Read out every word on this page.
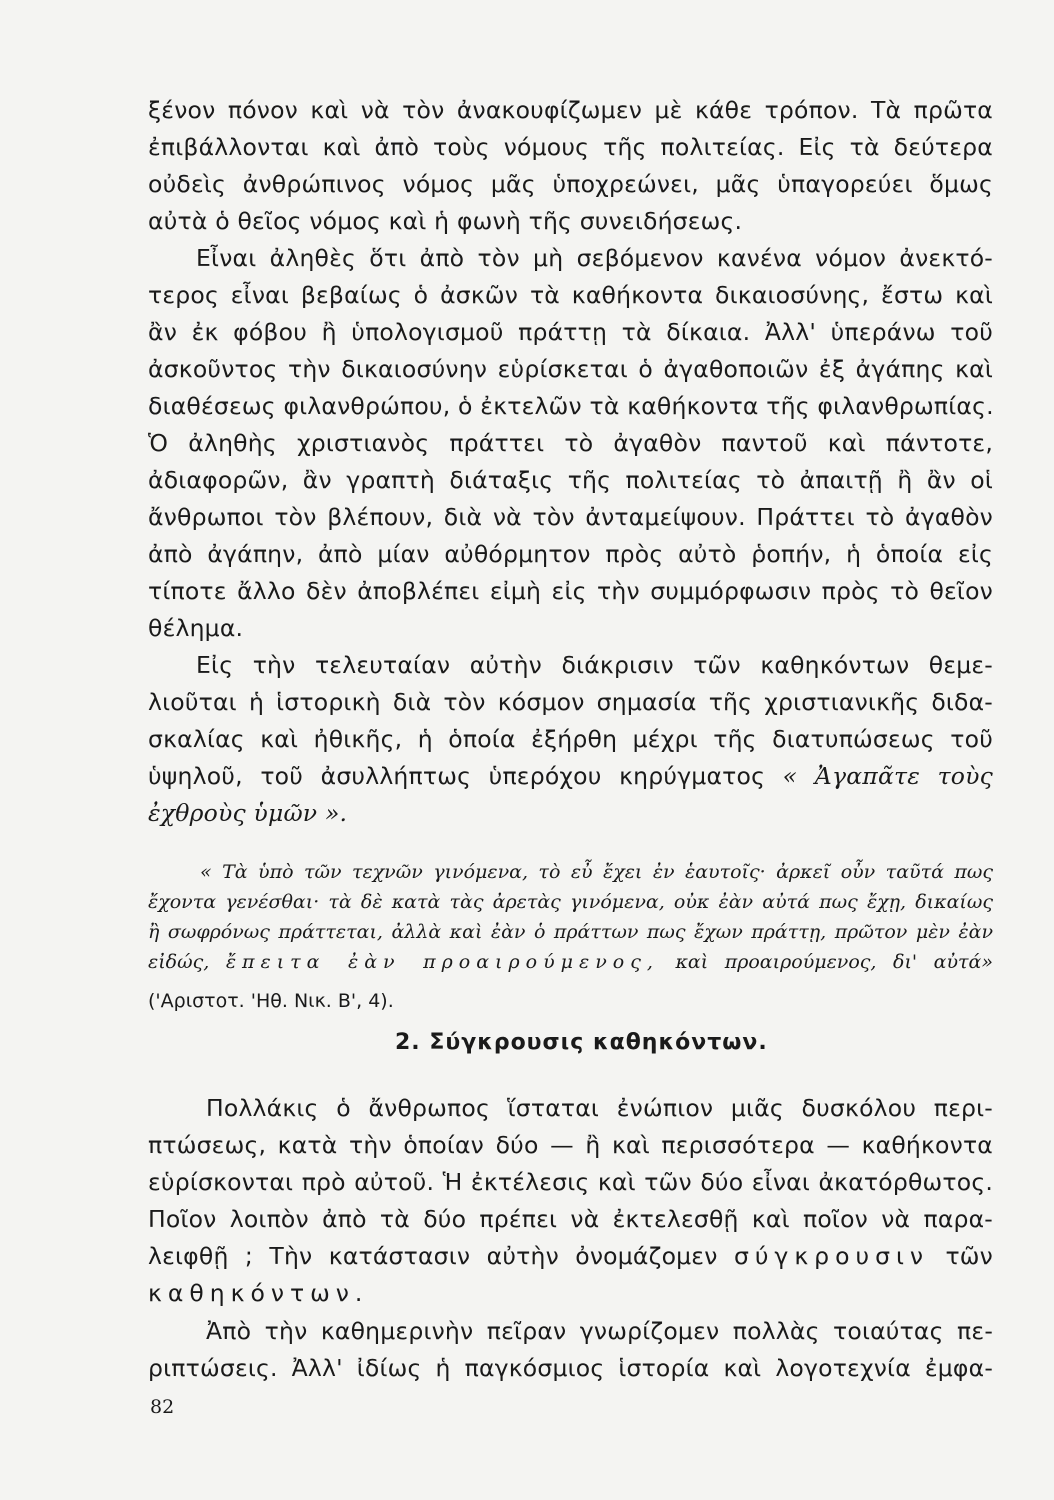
ξένον πόνον καὶ νὰ τὸν ἀνακουφίζωμεν μὲ κάθε τρόπον. Τὰ πρῶτα
ἐπιβάλλονται καὶ ἀπὸ τοὺς νόμους τῆς πολιτείας. Εἰς τὰ δεύτερα
οὐδεὶς ἀνθρώπινος νόμος μᾶς ὑποχρεώνει, μᾶς ὑπαγορεύει ὅμως
αὐτὰ ὁ θεῖος νόμος καὶ ἡ φωνὴ τῆς συνειδήσεως.
Εἶναι ἀληθὲς ὅτι ἀπὸ τὸν μὴ σεβόμενον κανένα νόμον ἀνεκτό-
τερος εἶναι βεβαίως ὁ ἀσκῶν τὰ καθήκοντα δικαιοσύνης, ἔστω καὶ
ἂν ἐκ φόβου ἢ ὑπολογισμοῦ πράττῃ τὰ δίκαια. Ἀλλ' ὑπεράνω τοῦ
ἀσκοῦντος τὴν δικαιοσύνην εὑρίσκεται ὁ ἀγαθοποιῶν ἐξ ἀγάπης καὶ
διαθέσεως φιλανθρώπου, ὁ ἐκτελῶν τὰ καθήκοντα τῆς φιλανθρωπίας.
Ὁ ἀληθὴς χριστιανὸς πράττει τὸ ἀγαθὸν παντοῦ καὶ πάντοτε,
ἀδιαφορῶν, ἂν γραπτὴ διάταξις τῆς πολιτείας τὸ ἀπαιτῇ ἢ ἂν οἱ
ἄνθρωποι τὸν βλέπουν, διὰ νὰ τὸν ἀνταμείψουν. Πράττει τὸ ἀγαθὸν
ἀπὸ ἀγάπην, ἀπὸ μίαν αὐθόρμητον πρὸς αὐτὸ ῥοπήν, ἡ ὁποία εἰς
τίποτε ἄλλο δὲν ἀποβλέπει εἰμὴ εἰς τὴν συμμόρφωσιν πρὸς τὸ θεῖον
θέλημα.
Εἰς τὴν τελευταίαν αὐτὴν διάκρισιν τῶν καθηκόντων θεμε-
λιοῦται ἡ ἱστορικὴ διὰ τὸν κόσμον σημασία τῆς χριστιανικῆς διδα-
σκαλίας καὶ ἠθικῆς, ἡ ὁποία ἐξήρθη μέχρι τῆς διατυπώσεως τοῦ
ὑψηλοῦ, τοῦ ἀσυλλήπτως ὑπερόχου κηρύγματος « Ἀγαπᾶτε τοὺς
ἐχθροὺς ὑμῶν ».
« Τὰ ὑπὸ τῶν τεχνῶν γινόμενα, τὸ εὖ ἔχει ἐν ἑαυτοῖς· ἀρκεῖ οὖν ταῦτά πως
ἔχοντα γενέσθαι· τὰ δὲ κατὰ τὰς ἀρετὰς γινόμενα, οὐκ ἐὰν αὐτά πως ἔχῃ, δικαίως
ἢ σωφρόνως πράττεται, ἀλλὰ καὶ ἐὰν ὁ πράττων πως ἔχων πράττῃ, πρῶτον μὲν ἐὰν
εἰδώς, ἔπειτα ἐὰν προαιρούμενος, καὶ προαιρούμενος, δι' αὐτά»
('Αριστοτ. 'Ηθ. Νικ. Β', 4).
2. Σύγκρουσις καθηκόντων.
Πολλάκις ὁ ἄνθρωπος ἵσταται ἐνώπιον μιᾶς δυσκόλου περι-
πτώσεως, κατὰ τὴν ὁποίαν δύο — ἢ καὶ περισσότερα — καθήκοντα
εὑρίσκονται πρὸ αὐτοῦ. Ἡ ἐκτέλεσις καὶ τῶν δύο εἶναι ἀκατόρθωτος.
Ποῖον λοιπὸν ἀπὸ τὰ δύο πρέπει νὰ ἐκτελεσθῇ καὶ ποῖον νὰ παρα-
λειφθῇ ; Τὴν κατάστασιν αὐτὴν ὀνομάζομεν σύγκρουσιν τῶν
καθηκόντων.
Ἀπὸ τὴν καθημερινὴν πεῖραν γνωρίζομεν πολλὰς τοιαύτας πε-
ριπτώσεις. Ἀλλ' ἰδίως ἡ παγκόσμιος ἱστορία καὶ λογοτεχνία ἐμφα-
82
